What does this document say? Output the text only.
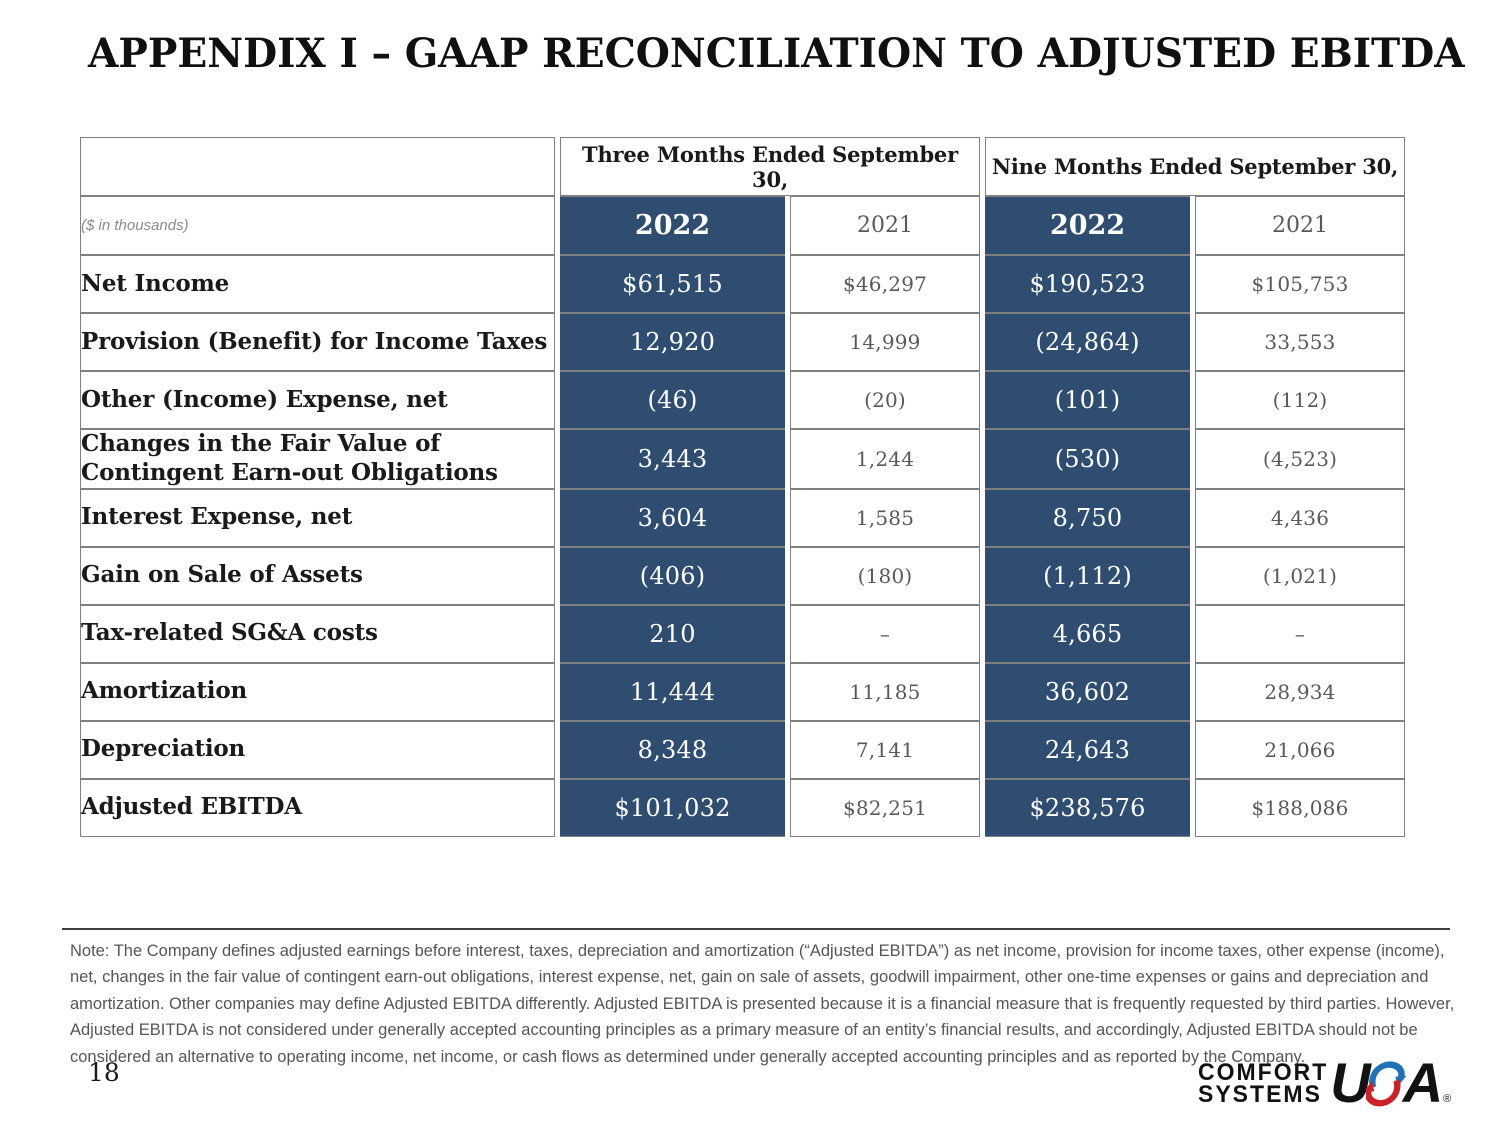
APPENDIX I – GAAP RECONCILIATION TO ADJUSTED EBITDA
	Three Months Ended September 30,		Nine Months Ended September 30,	
($ in thousands)	2022	2021	2022	2021
Net Income	$61,515	$46,297	$190,523	$105,753
Provision (Benefit) for Income Taxes	12,920	14,999	(24,864)	33,553
Other (Income) Expense, net	(46)	(20)	(101)	(112)
Changes in the Fair Value of Contingent Earn-out Obligations	3,443	1,244	(530)	(4,523)
Interest Expense, net	3,604	1,585	8,750	4,436
Gain on Sale of Assets	(406)	(180)	(1,112)	(1,021)
Tax-related SG&A costs	210	–	4,665	–
Amortization	11,444	11,185	36,602	28,934
Depreciation	8,348	7,141	24,643	21,066
Adjusted EBITDA	$101,032	$82,251	$238,576	$188,086

Note: The Company defines adjusted earnings before interest, taxes, depreciation and amortization (“Adjusted EBITDA”) as net income, provision for income taxes, other expense (income), net, changes in the fair value of contingent earn-out obligations, interest expense, net, gain on sale of assets, goodwill impairment, other one-time expenses or gains and depreciation and amortization. Other companies may define Adjusted EBITDA differently. Adjusted EBITDA is presented because it is a financial measure that is frequently requested by third parties. However, Adjusted EBITDA is not considered under generally accepted accounting principles as a primary measure of an entity’s financial results, and accordingly, Adjusted EBITDA should not be considered an alternative to operating income, net income, or cash flows as determined under generally accepted accounting principles and as reported by the Company.

18	COMFORT
SYSTEMS U A ®
